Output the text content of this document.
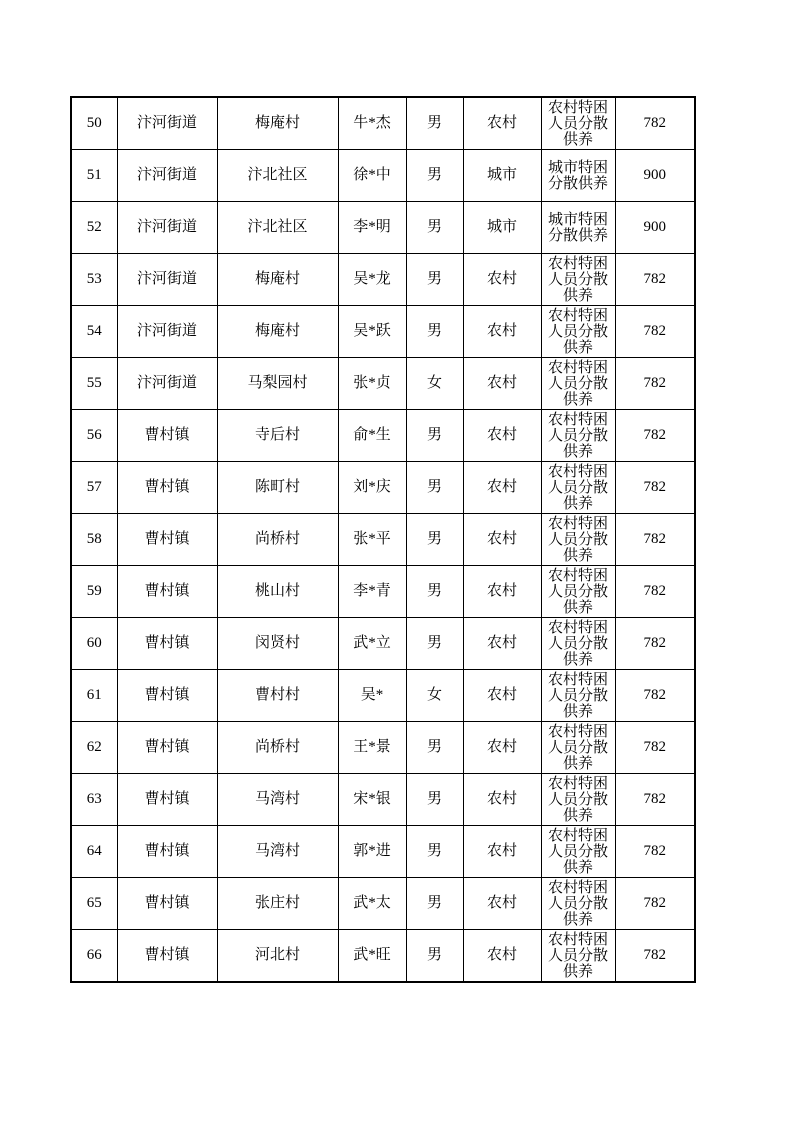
50	汴河街道	梅庵村	牛*杰	男	农村	农村特困人员分散供养	782
51	汴河街道	汴北社区	徐*中	男	城市	城市特困分散供养	900
52	汴河街道	汴北社区	李*明	男	城市	城市特困分散供养	900
53	汴河街道	梅庵村	吴*龙	男	农村	农村特困人员分散供养	782
54	汴河街道	梅庵村	吴*跃	男	农村	农村特困人员分散供养	782
55	汴河街道	马梨园村	张*贞	女	农村	农村特困人员分散供养	782
56	曹村镇	寺后村	俞*生	男	农村	农村特困人员分散供养	782
57	曹村镇	陈町村	刘*庆	男	农村	农村特困人员分散供养	782
58	曹村镇	尚桥村	张*平	男	农村	农村特困人员分散供养	782
59	曹村镇	桃山村	李*青	男	农村	农村特困人员分散供养	782
60	曹村镇	闵贤村	武*立	男	农村	农村特困人员分散供养	782
61	曹村镇	曹村村	吴*	女	农村	农村特困人员分散供养	782
62	曹村镇	尚桥村	王*景	男	农村	农村特困人员分散供养	782
63	曹村镇	马湾村	宋*银	男	农村	农村特困人员分散供养	782
64	曹村镇	马湾村	郭*进	男	农村	农村特困人员分散供养	782
65	曹村镇	张庄村	武*太	男	农村	农村特困人员分散供养	782
66	曹村镇	河北村	武*旺	男	农村	农村特困人员分散供养	782
